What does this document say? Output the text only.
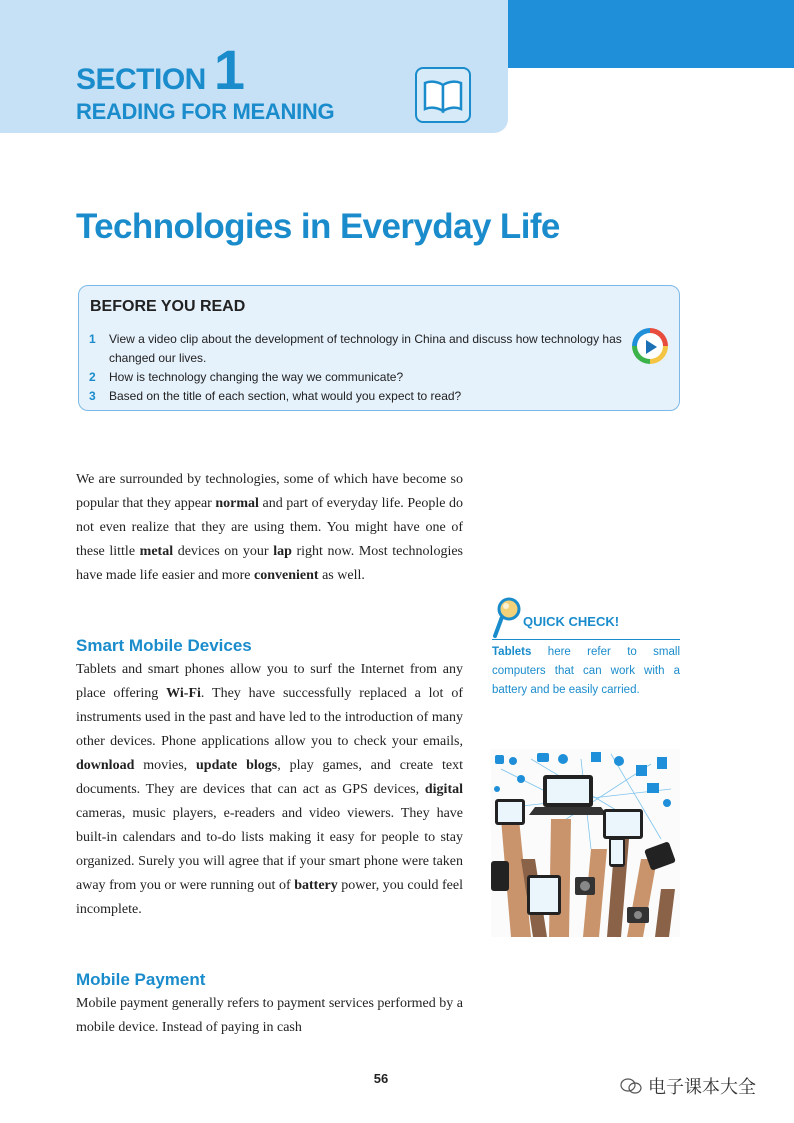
SECTION 1
READING FOR MEANING
Technologies in Everyday Life
BEFORE YOU READ
1	View a video clip about the development of technology in China and discuss how technology has changed our lives.
2	How is technology changing the way we communicate?
3	Based on the title of each section, what would you expect to read?

We are surrounded by technologies, some of which have become so popular that they appear normal and part of everyday life. People do not even realize that they are using them. You might have one of these little metal devices on your lap right now. Most technologies have made life easier and more convenient as well.

Smart Mobile Devices

Tablets and smart phones allow you to surf the Internet from any place offering Wi-Fi. They have successfully replaced a lot of instruments used in the past and have led to the introduction of many other devices. Phone applications allow you to check your emails, download movies, update blogs, play games, and create text documents. They are devices that can act as GPS devices, digital cameras, music players, e-readers and video viewers. They have built-in calendars and to-do lists making it easy for people to stay organized. Surely you will agree that if your smart phone were taken away from you or were running out of battery power, you could feel incomplete.

Mobile Payment

Mobile payment generally refers to payment services performed by a mobile device. Instead of paying in cash

QUICK CHECK!
Tablets here refer to small computers that can work with a battery and be easily carried.
56	电子课本大全
